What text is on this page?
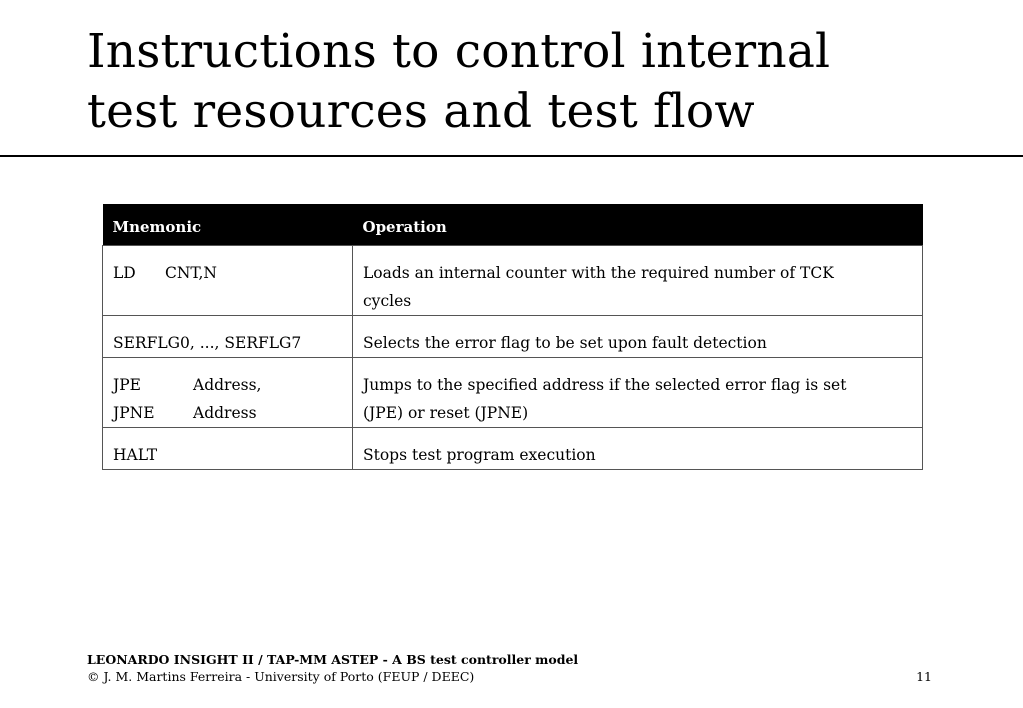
Instructions to control internal
test resources and test flow
Mnemonic	Operation

LD CNT,N	Loads an internal counter with the required number of TCK
cycles

SERFLG0, ..., SERFLG7	Selects the error flag to be set upon fault detection

JPE Address,
JPNE Address	Jumps to the specified address if the selected error flag is set
(JPE) or reset (JPNE)

HALT	Stops test program execution
LEONARDO INSIGHT II / TAP-MM ASTEP - A BS test controller model
© J. M. Martins Ferreira - University of Porto (FEUP / DEEC)	11
